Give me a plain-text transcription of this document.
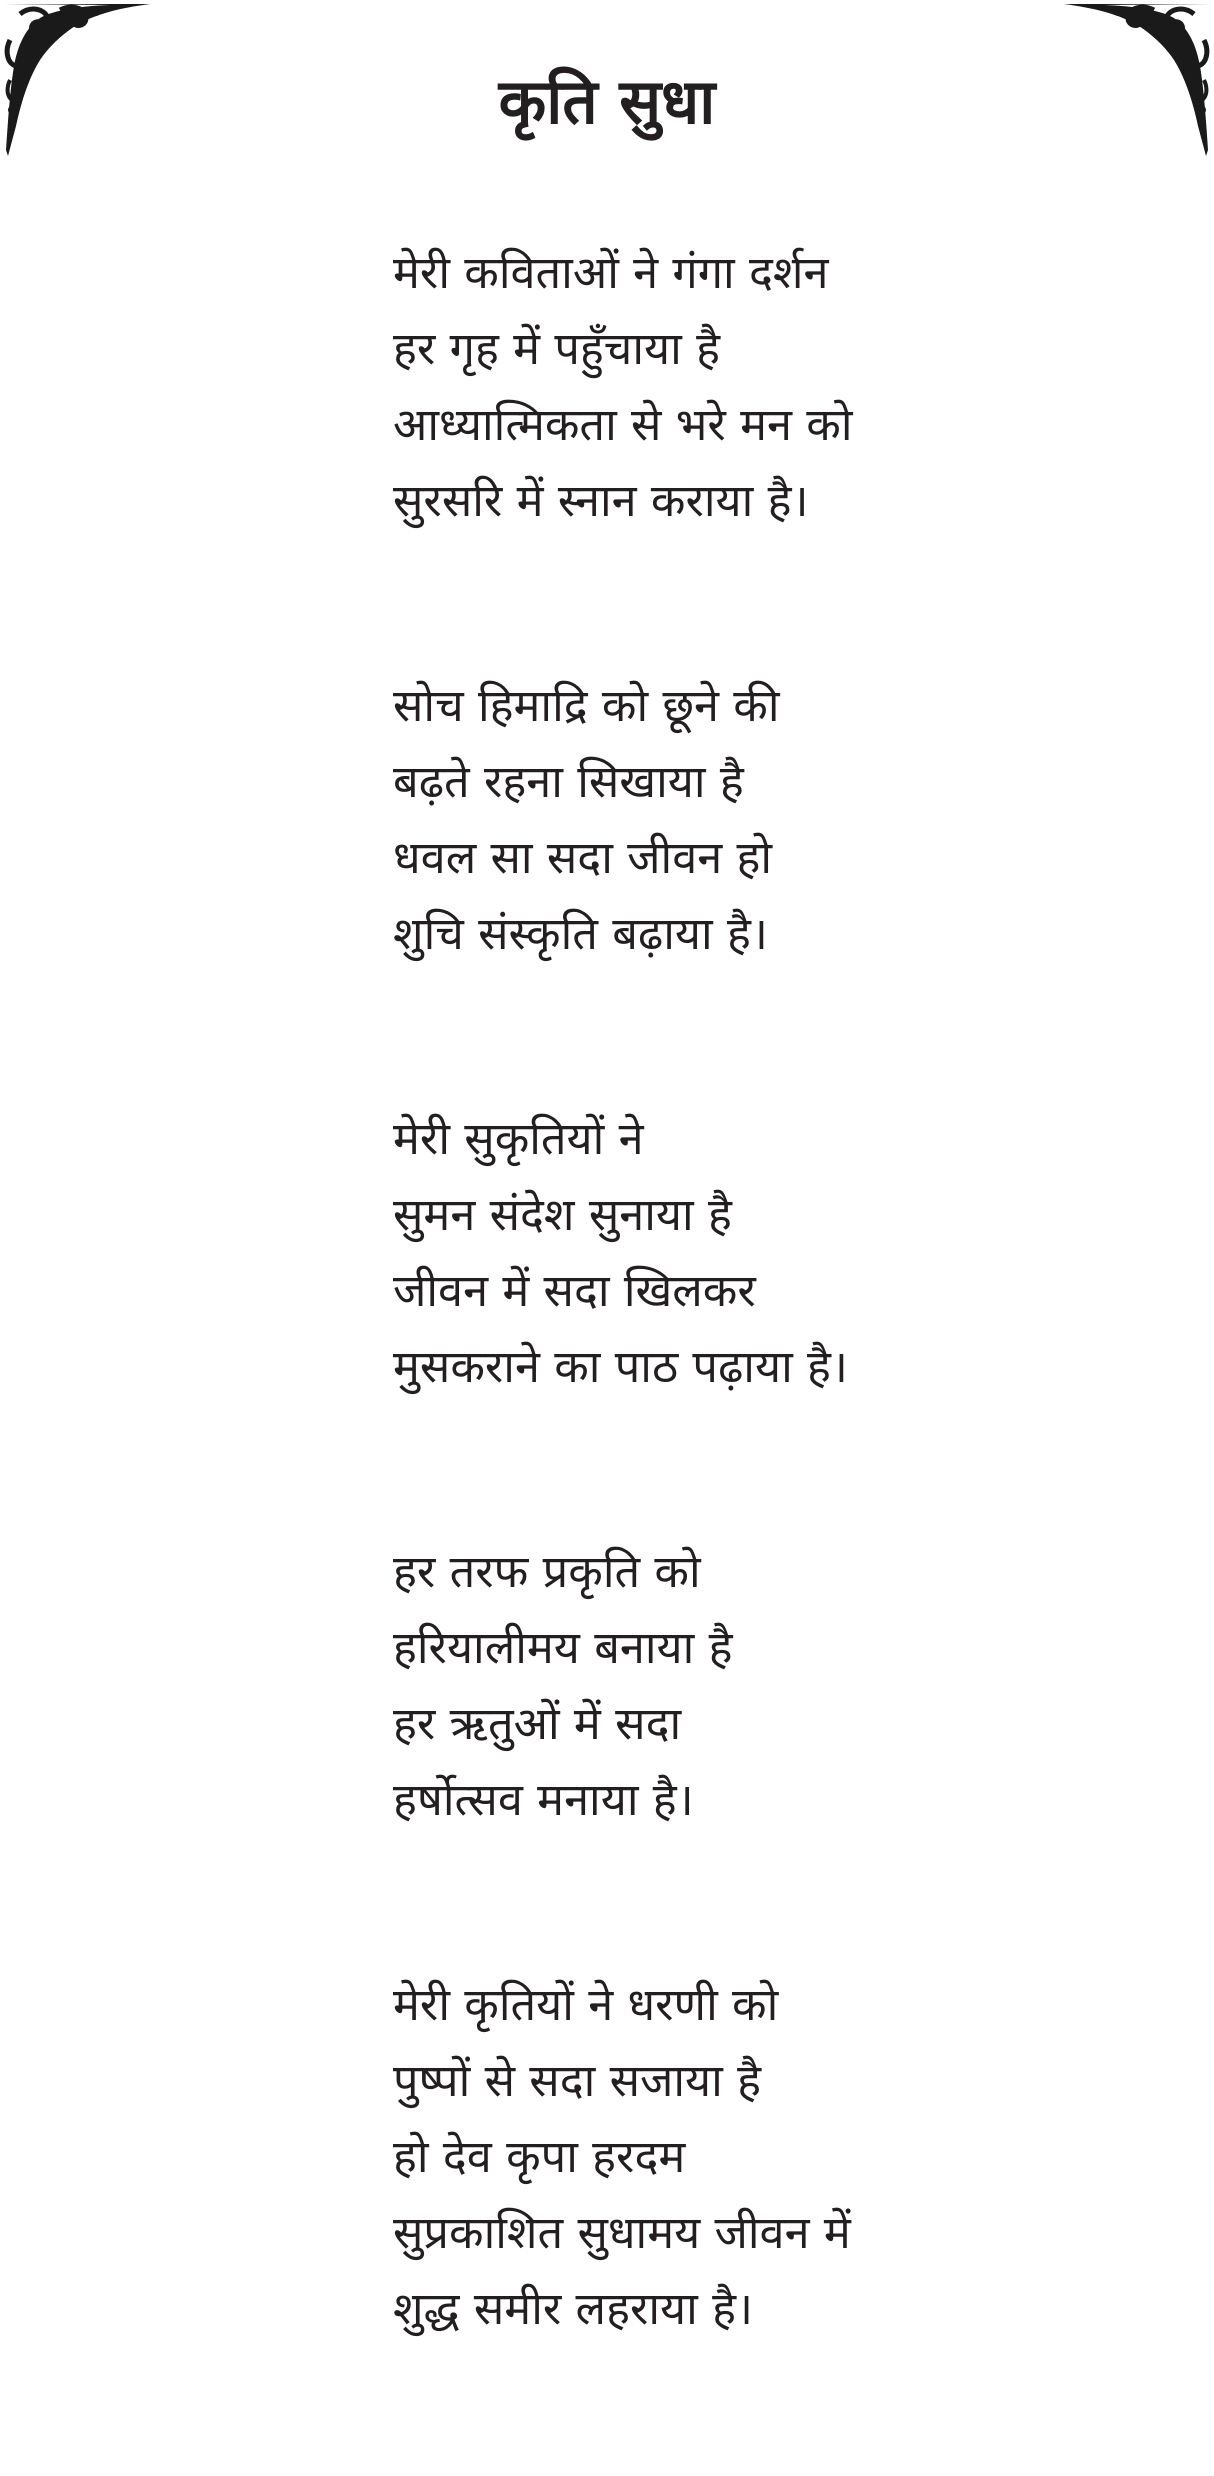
कृति सुधा
मेरी कविताओं ने गंगा दर्शन
हर गृह में पहुँचाया है
आध्यात्मिकता से भरे मन को
सुरसरि में स्नान कराया है।
सोच हिमाद्रि को छूने की
बढ़ते रहना सिखाया है
धवल सा सदा जीवन हो
शुचि संस्कृति बढ़ाया है।
मेरी सुकृतियों ने
सुमन संदेश सुनाया है
जीवन में सदा खिलकर
मुसकराने का पाठ पढ़ाया है।
हर तरफ प्रकृति को
हरियालीमय बनाया है
हर ऋतुओं में सदा
हर्षोत्सव मनाया है।
मेरी कृतियों ने धरणी को
पुष्पों से सदा सजाया है
हो देव कृपा हरदम
सुप्रकाशित सुधामय जीवन में
शुद्ध समीर लहराया है।
